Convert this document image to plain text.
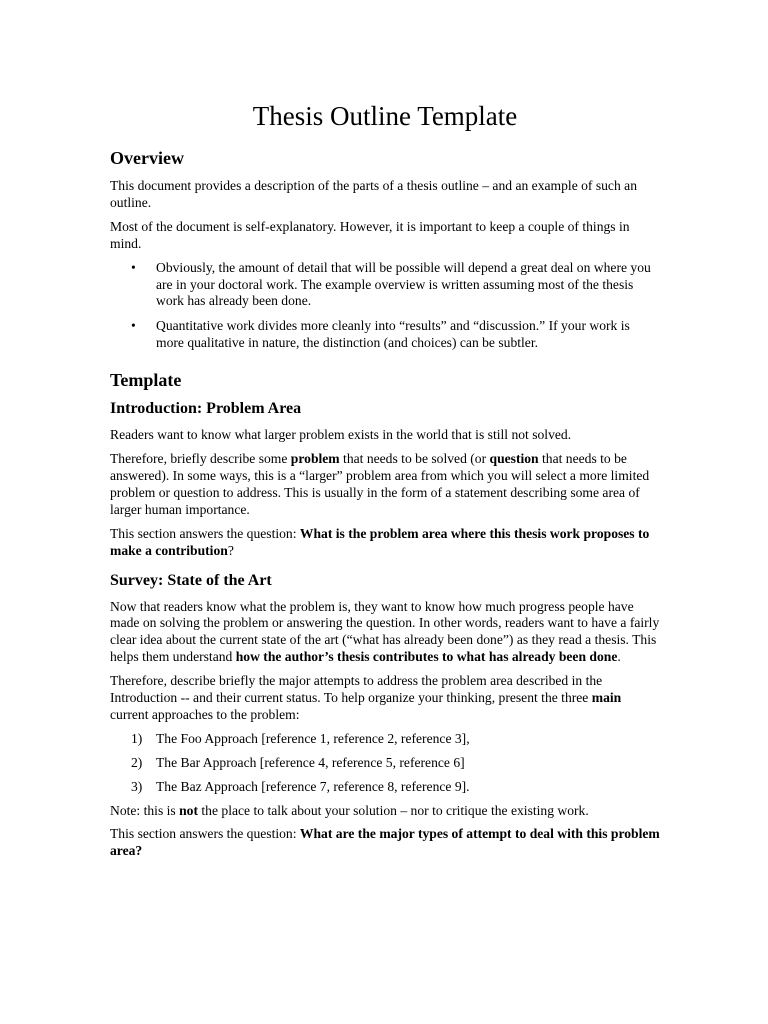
Thesis Outline Template
Overview

This document provides a description of the parts of a thesis outline – and an example of such an outline.

Most of the document is self-explanatory. However, it is important to keep a couple of things in mind.

• Obviously, the amount of detail that will be possible will depend a great deal on where you are in your doctoral work. The example overview is written assuming most of the thesis work has already been done.
• Quantitative work divides more cleanly into “results” and “discussion.” If your work is more qualitative in nature, the distinction (and choices) can be subtler.
Template
Introduction: Problem Area

Readers want to know what larger problem exists in the world that is still not solved.

Therefore, briefly describe some problem that needs to be solved (or question that needs to be answered). In some ways, this is a “larger” problem area from which you will select a more limited problem or question to address. This is usually in the form of a statement describing some area of larger human importance.

This section answers the question: What is the problem area where this thesis work proposes to make a contribution?

Survey: State of the Art

Now that readers know what the problem is, they want to know how much progress people have made on solving the problem or answering the question. In other words, readers want to have a fairly clear idea about the current state of the art (“what has already been done”) as they read a thesis. This helps them understand how the author’s thesis contributes to what has already been done.

Therefore, describe briefly the major attempts to address the problem area described in the Introduction -- and their current status. To help organize your thinking, present the three main current approaches to the problem:

1) The Foo Approach [reference 1, reference 2, reference 3],
2) The Bar Approach [reference 4, reference 5, reference 6]
3) The Baz Approach [reference 7, reference 8, reference 9].

Note: this is not the place to talk about your solution – nor to critique the existing work.

This section answers the question: What are the major types of attempt to deal with this problem area?
